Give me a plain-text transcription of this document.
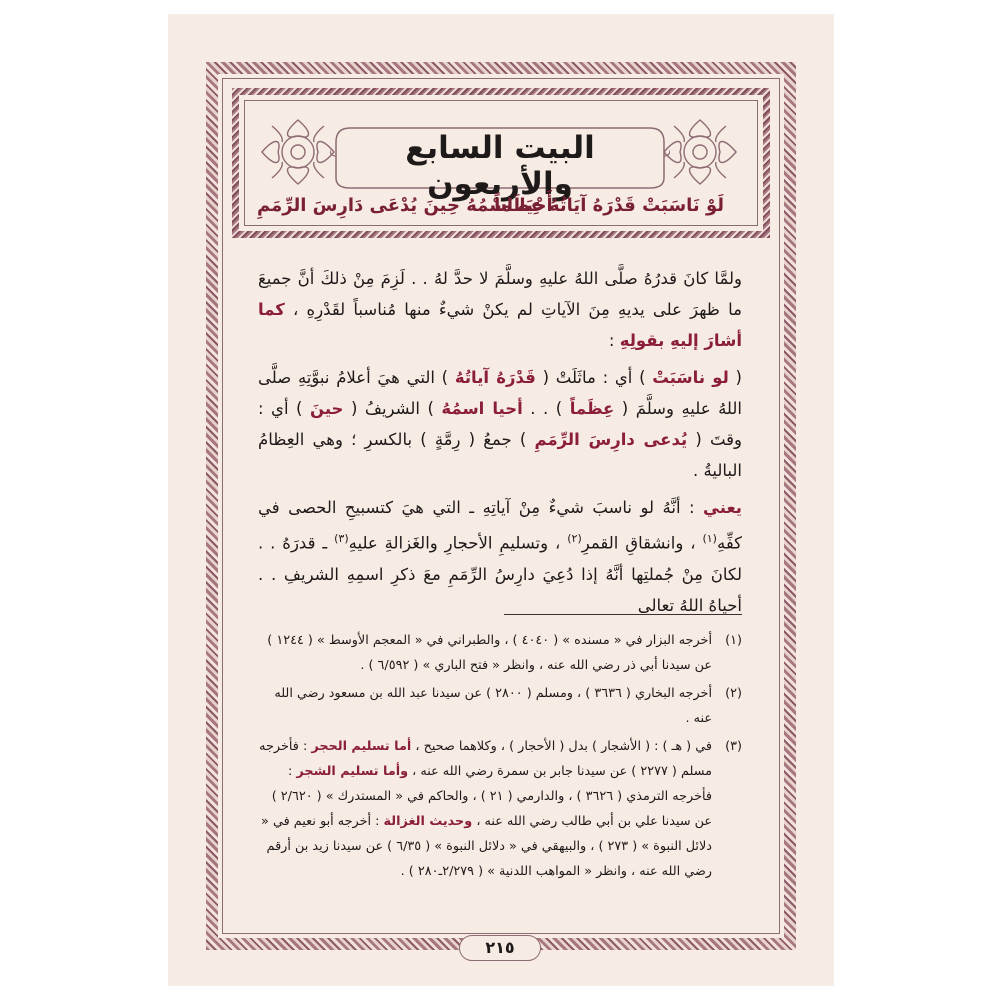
البيت السابع والأربعون
لَوْ نَاسَبَتْ قَدْرَهُ آيَاتُهُ عِظَماً
أَحْيَا اسْمُهُ حِينَ يُدْعَى دَارِسَ الرِّمَمِ

ولمَّا كانَ قدرُهُ صلَّى اللهُ عليهِ وسلَّمَ لا حدَّ لهُ . . لَزِمَ مِنْ ذلكَ أنَّ جميعَ ما ظهرَ على يديهِ مِنَ الآياتِ لم يكنْ شيءٌ منها مُناسباً لقَدْرِهِ ، كما أشارَ إليهِ بقولِهِ :

( لو ناسَبَتْ ) أي : ماثَلَتْ ( قَدْرَهُ آياتُهُ ) التي هيَ أعلامُ نبوَّتِهِ صلَّى اللهُ عليهِ وسلَّمَ ( عِظَماً ) . . أحيا اسمُهُ ) الشريفُ ( حينَ ) أي : وقتَ ( يُدعى دارِسَ الرِّمَمِ ) جمعُ ( رِمَّةٍ ) بالكسرِ ؛ وهي العِظامُ الباليةُ .

يعني : أنَّهُ لو ناسبَ شيءٌ مِنْ آياتِهِ ـ التي هيَ كتسبيحِ الحصى في كفِّهِ$^{(١)}$ ، وانشقاقِ القمرِ$^{(٢)}$ ، وتسليمِ الأحجارِ والغَزالةِ عليهِ$^{(٣)}$ ـ قدرَهُ . . لكانَ مِنْ جُملتِها أنَّهُ إذا دُعِيَ دارِسُ الرِّمَمِ معَ ذكرِ اسمِهِ الشريفِ . . أحياهُ اللهُ تعالى

(١)
أخرجه البزار في « مسنده » ( ٤٠٤٠ ) ، والطبراني في « المعجم الأوسط » ( ١٢٤٤ ) عن سيدنا أبي ذر رضي الله عنه ، وانظر « فتح الباري » ( ٦/٥٩٢ ) .
(٢)
أخرجه البخاري ( ٣٦٣٦ ) ، ومسلم ( ٢٨٠٠ ) عن سيدنا عبد الله بن مسعود رضي الله عنه .
(٣)
في ( هـ ) : ( الأشجار ) بدل ( الأحجار ) ، وكلاهما صحيح ، أما تسليم الحجر : فأخرجه مسلم ( ٢٢٧٧ ) عن سيدنا جابر بن سمرة رضي الله عنه ، وأما تسليم الشجر : فأخرجه الترمذي ( ٣٦٢٦ ) ، والدارمي ( ٢١ ) ، والحاكم في « المستدرك » ( ٢/٦٢٠ ) عن سيدنا علي بن أبي طالب رضي الله عنه ، وحديث الغزالة : أخرجه أبو نعيم في « دلائل النبوة » ( ٢٧٣ ) ، والبيهقي في « دلائل النبوة » ( ٦/٣٥ ) عن سيدنا زيد بن أرقم رضي الله عنه ، وانظر « المواهب اللدنية » ( ٢/٢٧٩ـ٢٨٠ ) .
٢١٥
